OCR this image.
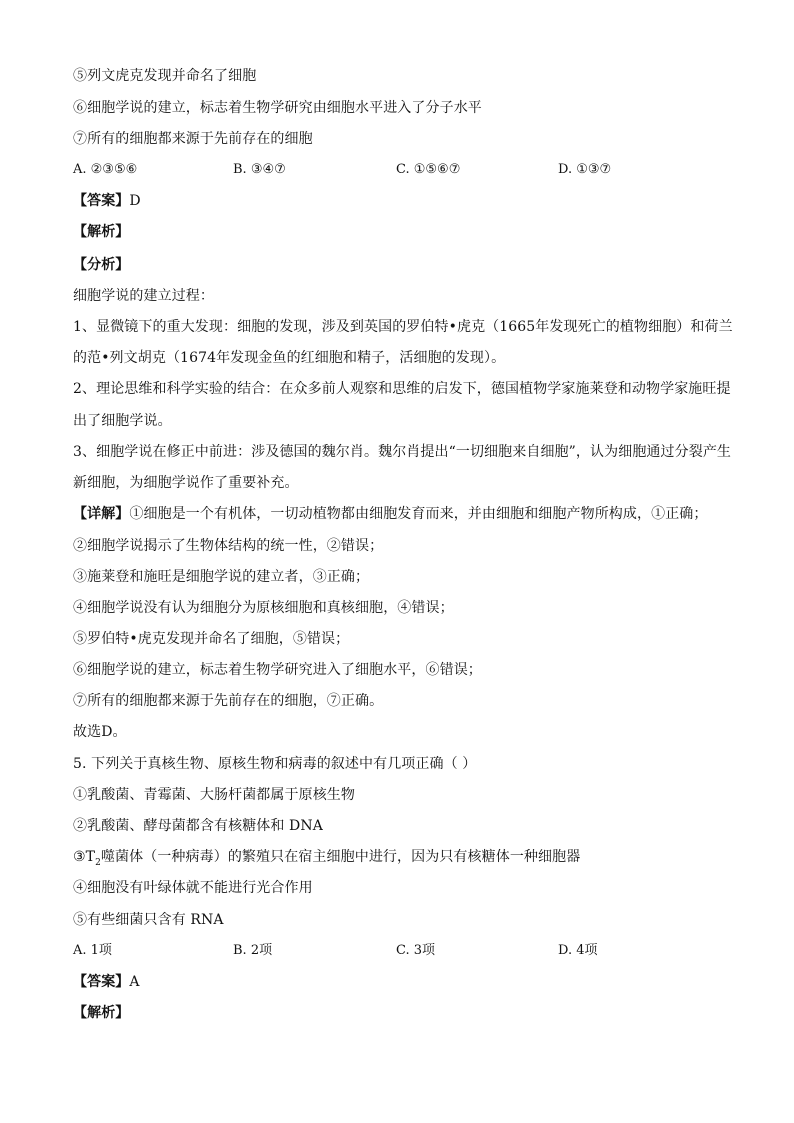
⑤列文虎克发现并命名了细胞
⑥细胞学说的建立，标志着生物学研究由细胞水平进入了分子水平
⑦所有的细胞都来源于先前存在的细胞
A. ②③⑤⑥	B. ③④⑦	C. ①⑤⑥⑦	D. ①③⑦
【答案】D
【解析】
【分析】
细胞学说的建立过程：
1、显微镜下的重大发现：细胞的发现，涉及到英国的罗伯特•虎克（1665年发现死亡的植物细胞）和荷兰
的范•列文胡克（1674年发现金鱼的红细胞和精子，活细胞的发现）。
2、理论思维和科学实验的结合：在众多前人观察和思维的启发下，德国植物学家施莱登和动物学家施旺提
出了细胞学说。
3、细胞学说在修正中前进：涉及德国的魏尔肖。魏尔肖提出“一切细胞来自细胞”，认为细胞通过分裂产生
新细胞，为细胞学说作了重要补充。
【详解】①细胞是一个有机体，一切动植物都由细胞发育而来，并由细胞和细胞产物所构成，①正确；
②细胞学说揭示了生物体结构的统一性，②错误；
③施莱登和施旺是细胞学说的建立者，③正确；
④细胞学说没有认为细胞分为原核细胞和真核细胞，④错误；
⑤罗伯特•虎克发现并命名了细胞，⑤错误；
⑥细胞学说的建立，标志着生物学研究进入了细胞水平，⑥错误；
⑦所有的细胞都来源于先前存在的细胞，⑦正确。
故选D。
5. 下列关于真核生物、原核生物和病毒的叙述中有几项正确（ ）
①乳酸菌、青霉菌、大肠杆菌都属于原核生物
②乳酸菌、酵母菌都含有核糖体和 DNA
$③T_2$噬菌体（一种病毒）的繁殖只在宿主细胞中进行，因为只有核糖体一种细胞器
④细胞没有叶绿体就不能进行光合作用
⑤有些细菌只含有 RNA
A. 1项	B. 2项	C. 3项	D. 4项
【答案】A
【解析】
